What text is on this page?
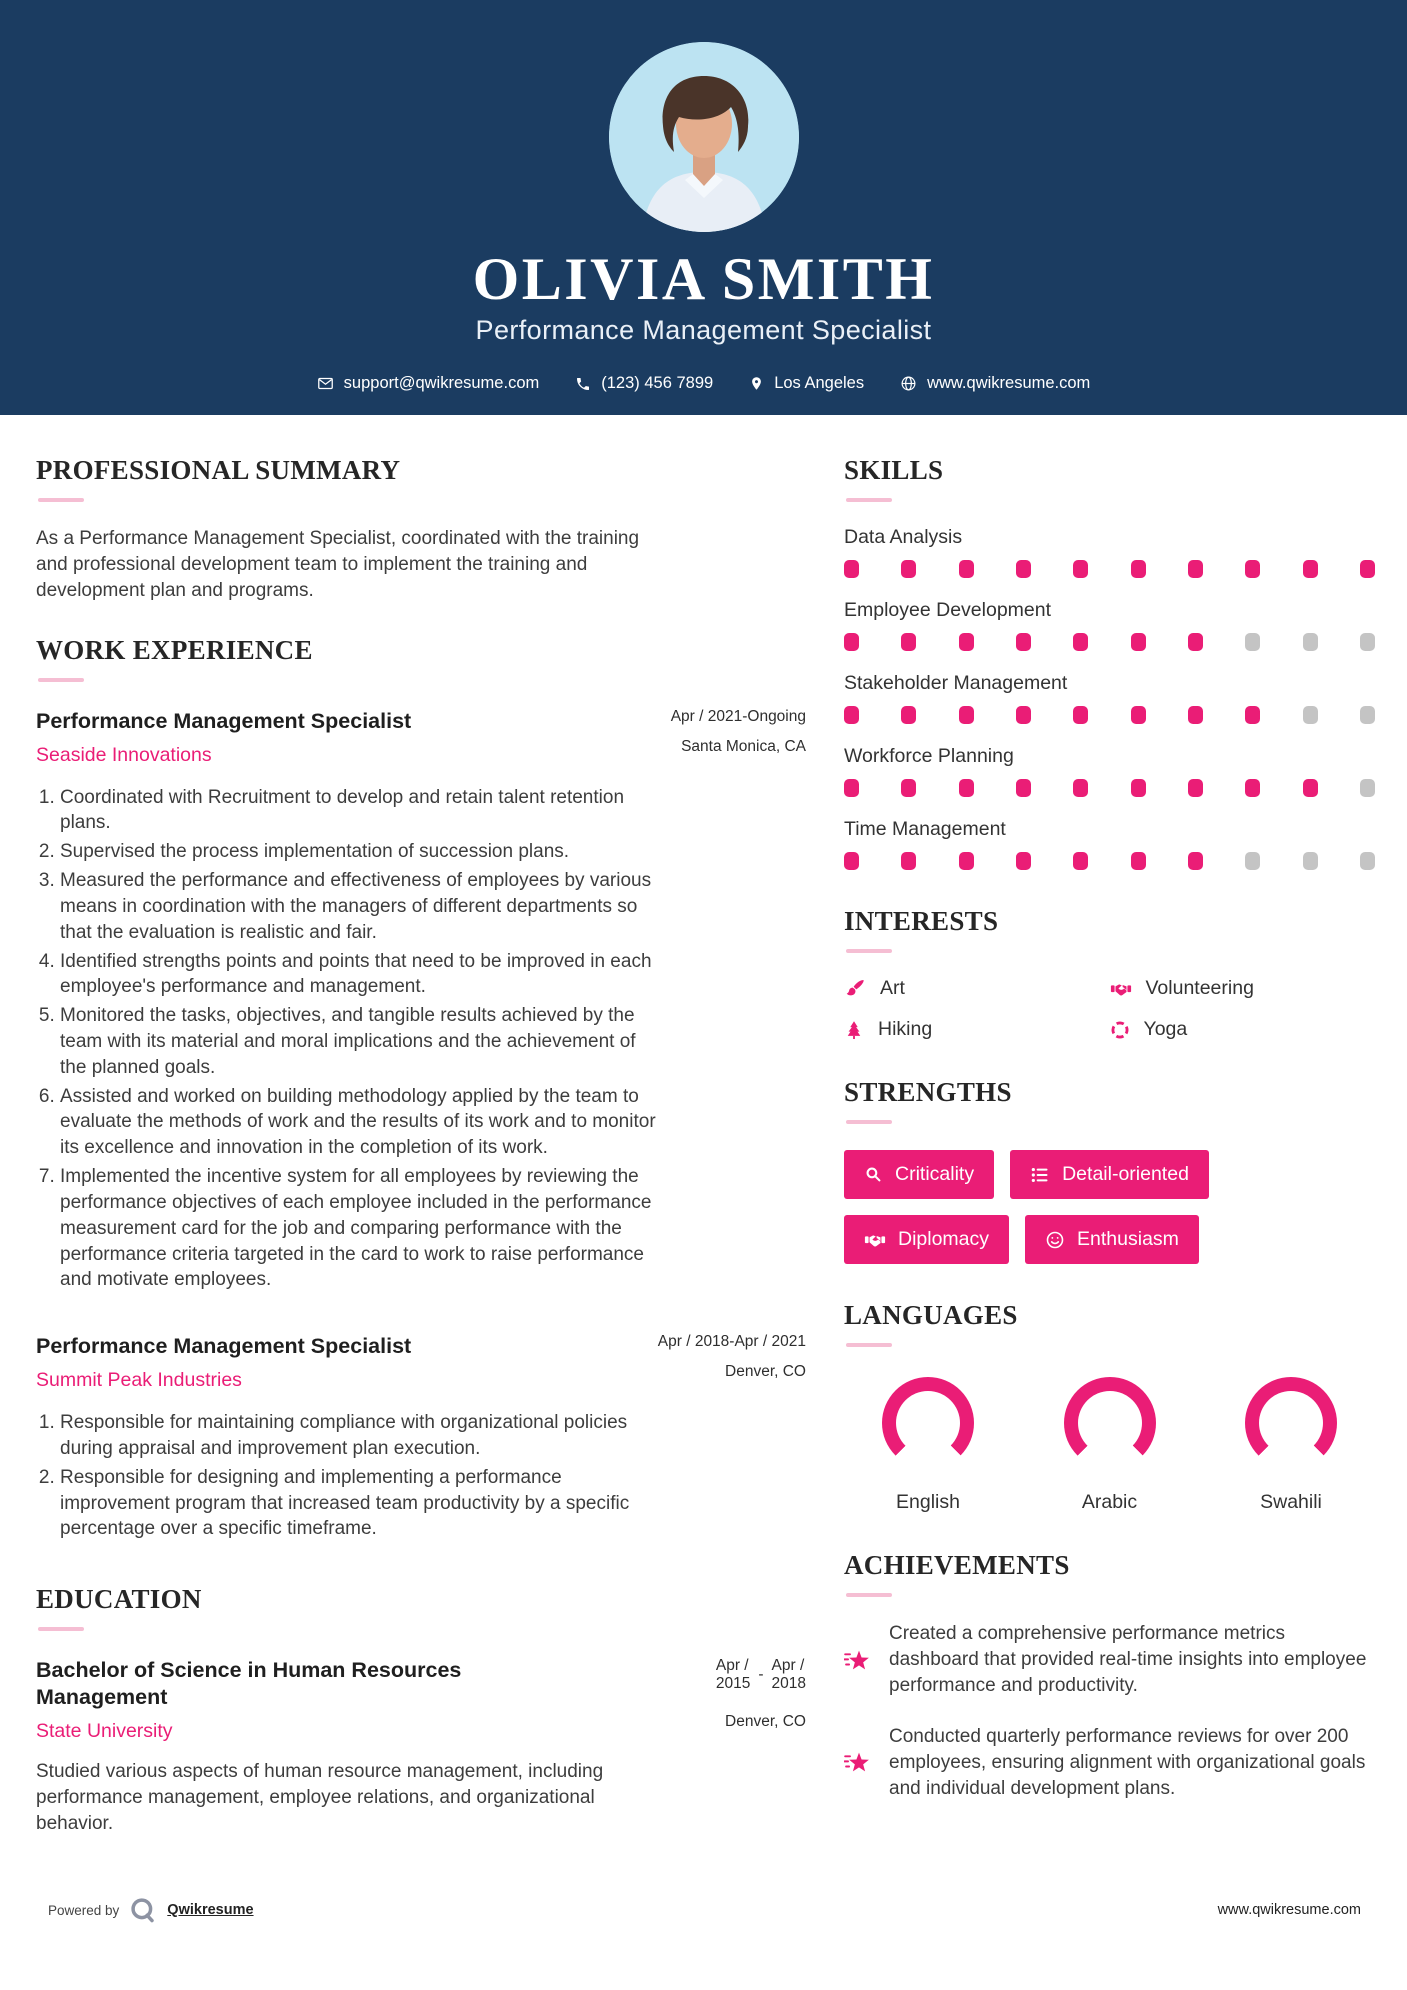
OLIVIA SMITH
Performance Management Specialist
support@qwikresume.com	(123) 456 7899	Los Angeles	www.qwikresume.com
PROFESSIONAL SUMMARY

As a Performance Management Specialist, coordinated with the training and professional development team to implement the training and development plan and programs.

WORK EXPERIENCE
Performance Management Specialist
Seaside Innovations
Apr / 2021-Ongoing
Santa Monica, CA
1. Coordinated with Recruitment to develop and retain talent retention plans.
2. Supervised the process implementation of succession plans.
3. Measured the performance and effectiveness of employees by various means in coordination with the managers of different departments so that the evaluation is realistic and fair.
4. Identified strengths points and points that need to be improved in each employee's performance and management.
5. Monitored the tasks, objectives, and tangible results achieved by the team with its material and moral implications and the achievement of the planned goals.
6. Assisted and worked on building methodology applied by the team to evaluate the methods of work and the results of its work and to monitor its excellence and innovation in the completion of its work.
7. Implemented the incentive system for all employees by reviewing the performance objectives of each employee included in the performance measurement card for the job and comparing performance with the performance criteria targeted in the card to work to raise performance and motivate employees.
Performance Management Specialist
Summit Peak Industries
Apr / 2018-Apr / 2021
Denver, CO
1. Responsible for maintaining compliance with organizational policies during appraisal and improvement plan execution.
2. Responsible for designing and implementing a performance improvement program that increased team productivity by a specific percentage over a specific timeframe.
EDUCATION
Bachelor of Science in Human Resources Management
State University
Apr /
2015
-
Apr /
2018
Denver, CO

Studied various aspects of human resource management, including performance management, employee relations, and organizational behavior.

SKILLS
Data Analysis
Employee Development
Stakeholder Management
Workforce Planning
Time Management
INTERESTS
Art	Volunteering
Hiking	Yoga
STRENGTHS
Criticality	Detail-oriented
Diplomacy	Enthusiasm
LANGUAGES
English	Arabic	Swahili
ACHIEVEMENTS
Created a comprehensive performance metrics dashboard that provided real-time insights into employee performance and productivity.
Conducted quarterly performance reviews for over 200 employees, ensuring alignment with organizational goals and individual development plans.
Powered by	Qwikresume	www.qwikresume.com
